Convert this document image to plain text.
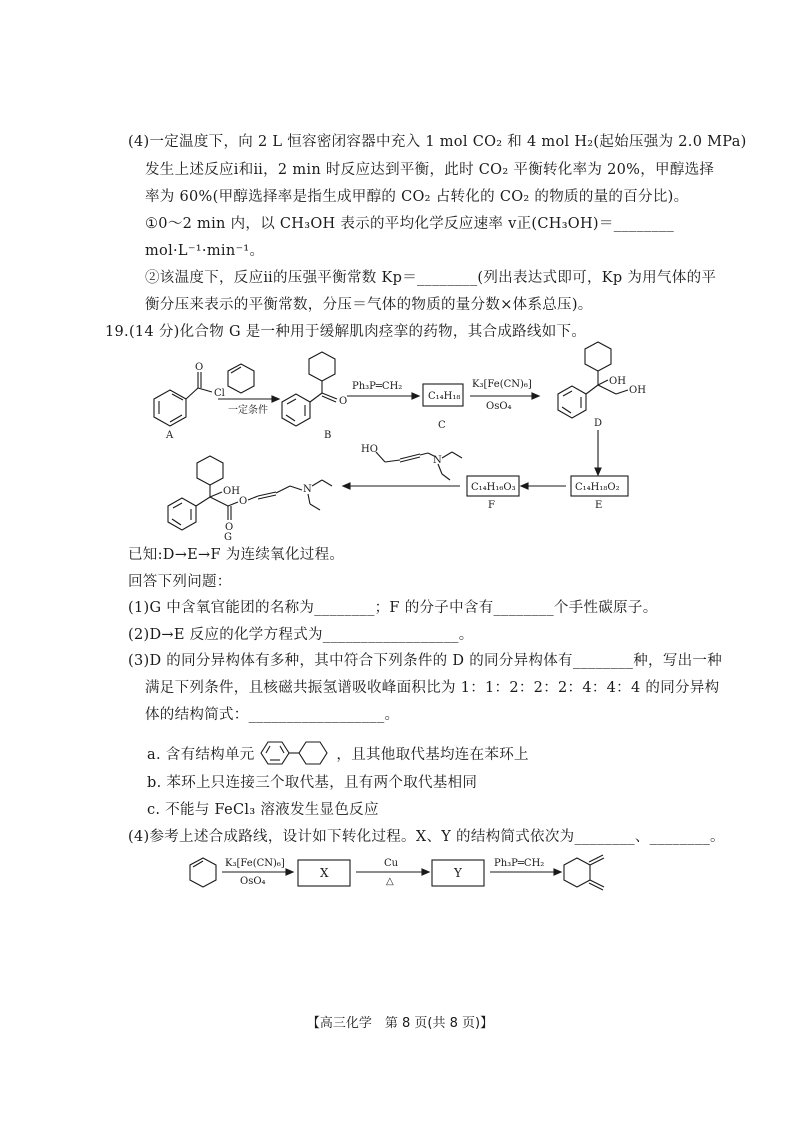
(4)一定温度下，向 2 L 恒容密闭容器中充入 1 mol CO₂ 和 4 mol H₂(起始压强为 2.0 MPa)
发生上述反应ⅰ和ⅱ，2 min 时反应达到平衡，此时 CO₂ 平衡转化率为 20%，甲醇选择
率为 60%(甲醇选择率是指生成甲醇的 CO₂ 占转化的 CO₂ 的物质的量的百分比)。
①0～2 min 内，以 CH₃OH 表示的平均化学反应速率 v正(CH₃OH)＝________
mol·L⁻¹·min⁻¹。
②该温度下，反应ⅱ的压强平衡常数 Kp＝________(列出表达式即可，Kp 为用气体的平
衡分压来表示的平衡常数，分压＝气体的物质的量分数×体系总压)。
19.(14 分)化合物 G 是一种用于缓解肌肉痉挛的药物，其合成路线如下。
Cl
O
A
一定条件
O
B
Ph₃P═CH₂
C₁₄H₁₈
C
K₃[Fe(CN)₆]
OsO₄
OH
OH
D
C₁₄H₁₈O₂
E
C₁₄H₁₆O₃
F
HO
N
OH
O
O
N
G
已知:D→E→F 为连续氧化过程。
回答下列问题：
(1)G 中含氧官能团的名称为________；F 的分子中含有________个手性碳原子。
(2)D→E 反应的化学方程式为__________________。
(3)D 的同分异构体有多种，其中符合下列条件的 D 的同分异构体有________种，写出一种
满足下列条件，且核磁共振氢谱吸收峰面积比为 1：1：2：2：2：4：4：4 的同分异构
体的结构简式：__________________。
a. 含有结构单元	，且其他取代基均连在苯环上
b. 苯环上只连接三个取代基，且有两个取代基相同
c. 不能与 FeCl₃ 溶液发生显色反应
(4)参考上述合成路线，设计如下转化过程。X、Y 的结构简式依次为________、________。
K₃[Fe(CN)₆]
OsO₄
X
Cu
△
Y
Ph₃P═CH₂
【高三化学　第 8 页(共 8 页)】
